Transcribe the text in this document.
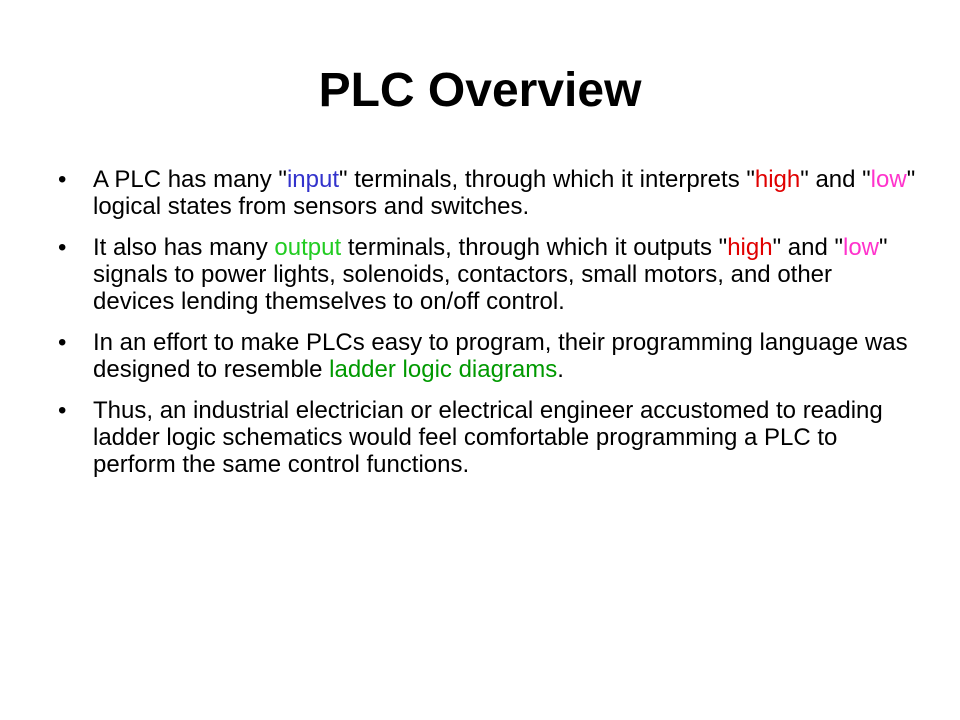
PLC Overview
•	A PLC has many "input" terminals, through which it interprets "high" and "low" logical states from sensors and switches.
•	It also has many output terminals, through which it outputs "high" and "low" signals to power lights, solenoids, contactors, small motors, and other devices lending themselves to on/off control.
•	In an effort to make PLCs easy to program, their programming language was designed to resemble ladder logic diagrams.
•	Thus, an industrial electrician or electrical engineer accustomed to reading ladder logic schematics would feel comfortable programming a PLC to perform the same control functions.
